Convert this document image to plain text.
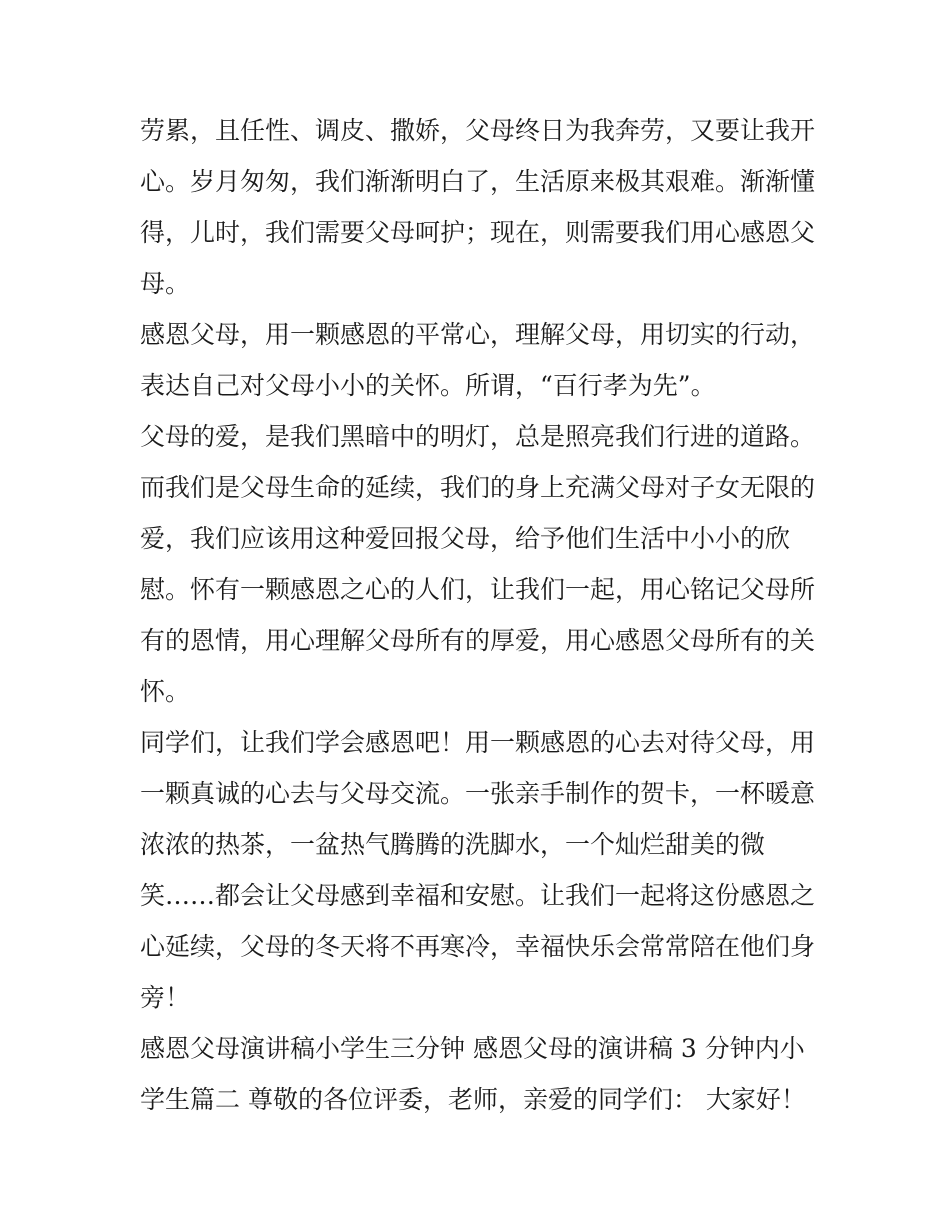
劳累，且任性、调皮、撒娇，父母终日为我奔劳，又要让我开
心。岁月匆匆，我们渐渐明白了，生活原来极其艰难。渐渐懂
得，儿时，我们需要父母呵护；现在，则需要我们用心感恩父
母。
感恩父母，用一颗感恩的平常心，理解父母，用切实的行动，
表达自己对父母小小的关怀。所谓，“百行孝为先”。
父母的爱，是我们黑暗中的明灯，总是照亮我们行进的道路。
而我们是父母生命的延续，我们的身上充满父母对子女无限的
爱，我们应该用这种爱回报父母，给予他们生活中小小的欣
慰。怀有一颗感恩之心的人们，让我们一起，用心铭记父母所
有的恩情，用心理解父母所有的厚爱，用心感恩父母所有的关
怀。
同学们，让我们学会感恩吧！用一颗感恩的心去对待父母，用
一颗真诚的心去与父母交流。一张亲手制作的贺卡，一杯暖意
浓浓的热茶，一盆热气腾腾的洗脚水，一个灿烂甜美的微
笑……都会让父母感到幸福和安慰。让我们一起将这份感恩之
心延续，父母的冬天将不再寒冷，幸福快乐会常常陪在他们身
旁！
感恩父母演讲稿小学生三分钟 感恩父母的演讲稿 3 分钟内小
学生篇二 尊敬的各位评委，老师，亲爱的同学们： 大家好！
